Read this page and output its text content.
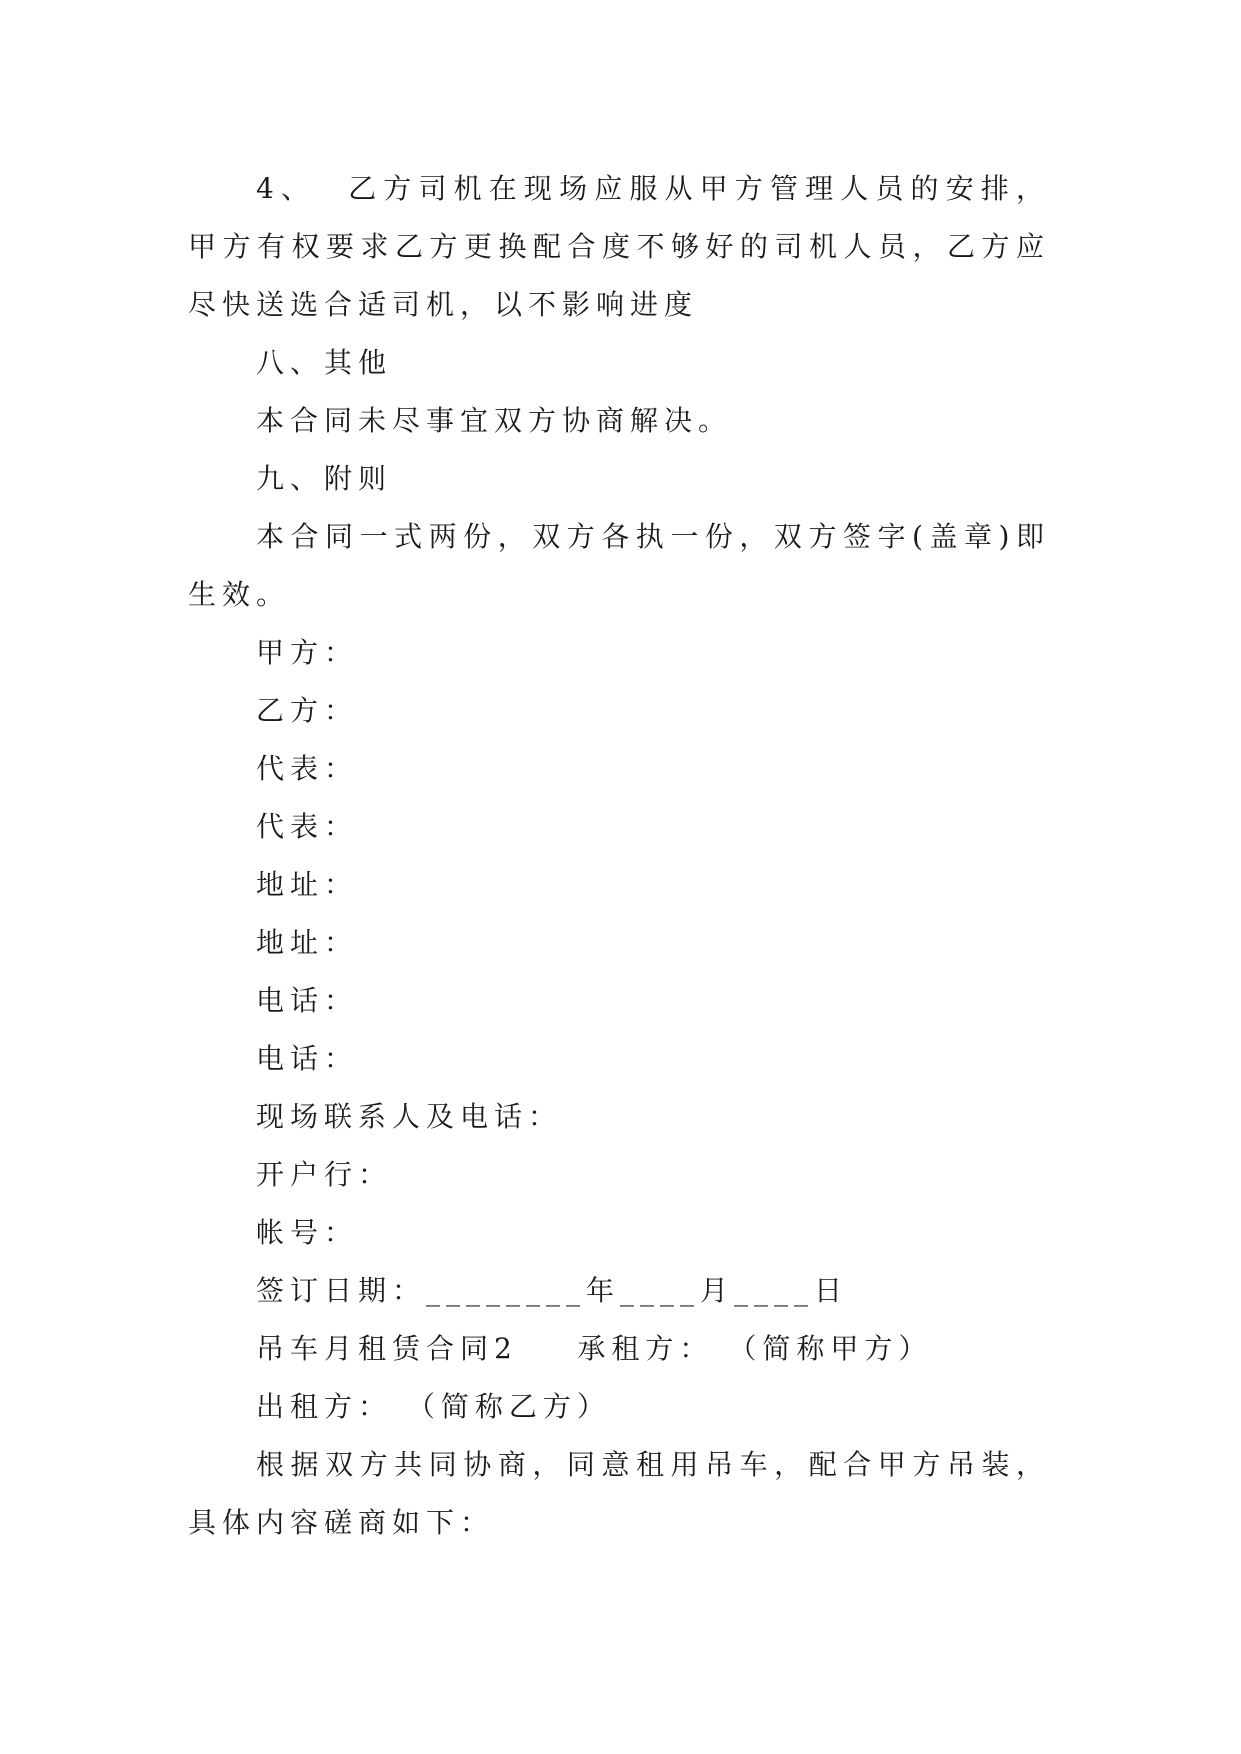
4、  乙方司机在现场应服从甲方管理人员的安排，甲方有权要求乙方更换配合度不够好的司机人员，乙方应尽快送选合适司机，以不影响进度

八、其他

本合同未尽事宜双方协商解决。

九、附则

本合同一式两份，双方各执一份，双方签字(盖章)即生效。

甲方：

乙方：

代表：

代表：

地址：

地址：

电话：

电话：

现场联系人及电话：

开户行：

帐号：

签订日期：________年____月____日

吊车月租赁合同2    承租方： （简称甲方）

出租方： （简称乙方）

根据双方共同协商，同意租用吊车，配合甲方吊装，具体内容磋商如下：
